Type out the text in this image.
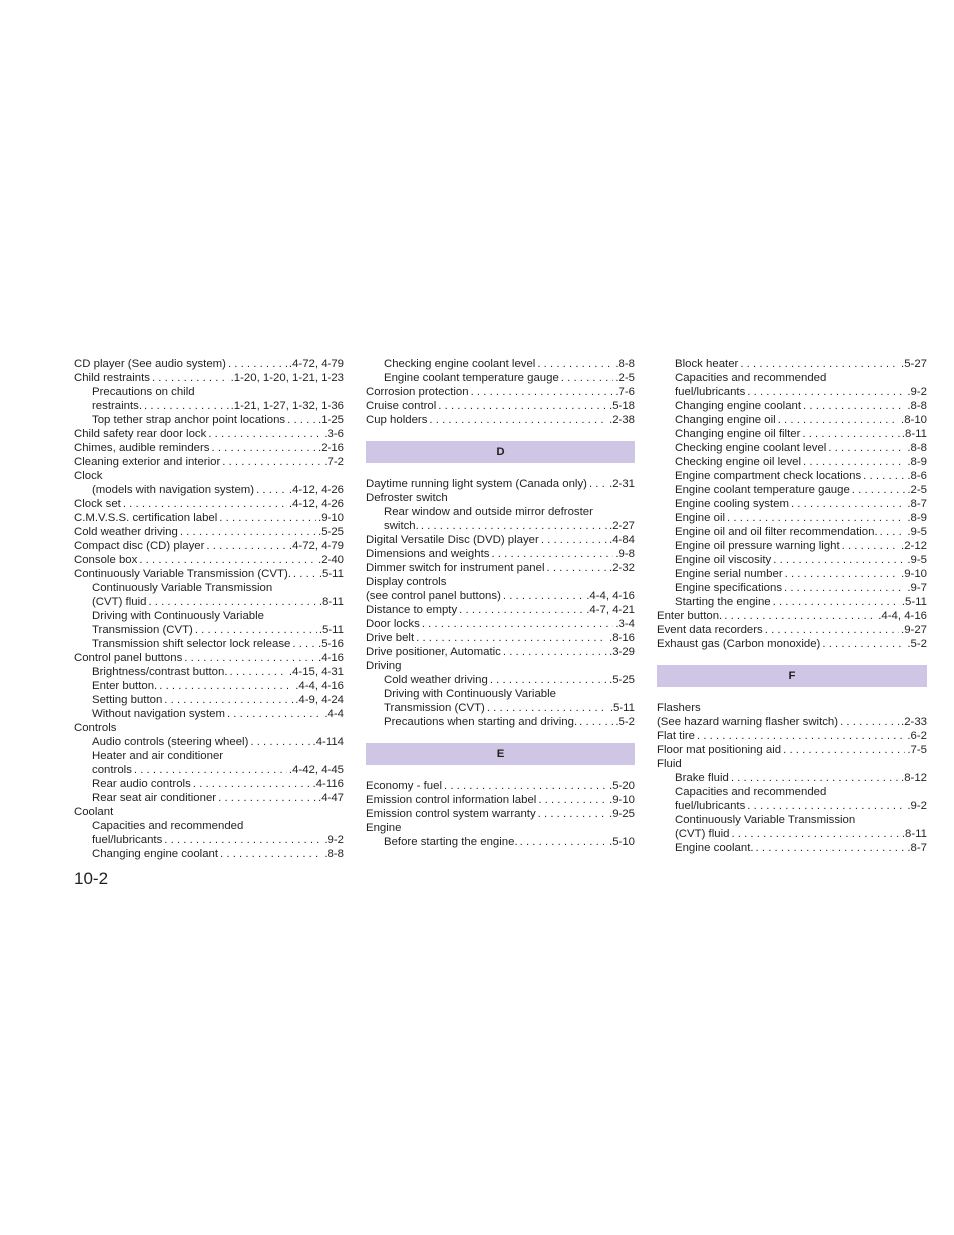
CD player (See audio system) . . .	.4-72, 4-79
Child restraints . . .	.1-20, 1-20, 1-21, 1-23
Precautions on child
restraints. . . .	.1-21, 1-27, 1-32, 1-36
Top tether strap anchor point locations . . .	.1-25
Child safety rear door lock . . .	.3-6
Chimes, audible reminders . . .	.2-16
Cleaning exterior and interior . . .	.7-2
Clock
(models with navigation system) . . .	.4-12, 4-26
Clock set . . .	.4-12, 4-26
C.M.V.S.S. certification label . . .	.9-10
Cold weather driving . . .	.5-25
Compact disc (CD) player . . .	.4-72, 4-79
Console box . . .	.2-40
Continuously Variable Transmission (CVT). . . . .5-11
Continuously Variable Transmission
(CVT) fluid . . .	.8-11
Driving with Continuously Variable
Transmission (CVT) . . .	.5-11
Transmission shift selector lock release . . . .5-16
Control panel buttons . . .	.4-16
Brightness/contrast button. . . .	.4-15, 4-31
Enter button. . . .	.4-4, 4-16
Setting button . . .	.4-9, 4-24
Without navigation system . . .	.4-4
Controls
Audio controls (steering wheel) . . .	.4-114
Heater and air conditioner
controls . . .	.4-42, 4-45
Rear audio controls . . .	.4-116
Rear seat air conditioner . . .	.4-47
Coolant
Capacities and recommended
fuel/lubricants . . .	.9-2
Changing engine coolant . . .	.8-8
Checking engine coolant level . . .	.8-8
Engine coolant temperature gauge . . .	.2-5
Corrosion protection . . .	.7-6
Cruise control . . .	.5-18
Cup holders . . .	.2-38
D
Daytime running light system (Canada only) . . . .2-31
Defroster switch
Rear window and outside mirror defroster
switch. . . .	.2-27
Digital Versatile Disc (DVD) player . . .	.4-84
Dimensions and weights . . .	.9-8
Dimmer switch for instrument panel . . .	.2-32
Display controls
(see control panel buttons) . . .	.4-4, 4-16
Distance to empty . . .	.4-7, 4-21
Door locks . . .	.3-4
Drive belt . . .	.8-16
Drive positioner, Automatic . . .	.3-29
Driving
Cold weather driving . . .	.5-25
Driving with Continuously Variable
Transmission (CVT) . . .	.5-11
Precautions when starting and driving. . . .	.5-2
E
Economy - fuel . . .	.5-20
Emission control information label . . .	.9-10
Emission control system warranty . . .	.9-25
Engine
Before starting the engine. . . .	.5-10
Block heater . . .	.5-27
Capacities and recommended
fuel/lubricants . . .	.9-2
Changing engine coolant . . .	.8-8
Changing engine oil . . .	.8-10
Changing engine oil filter . . .	.8-11
Checking engine coolant level . . .	.8-8
Checking engine oil level . . .	.8-9
Engine compartment check locations . . .	.8-6
Engine coolant temperature gauge . . .	.2-5
Engine cooling system . . .	.8-7
Engine oil . . .	.8-9
Engine oil and oil filter recommendation. . . .	.9-5
Engine oil pressure warning light . . .	.2-12
Engine oil viscosity . . .	.9-5
Engine serial number . . .	.9-10
Engine specifications . . .	.9-7
Starting the engine . . .	.5-11
Enter button. . . .	.4-4, 4-16
Event data recorders . . .	.9-27
Exhaust gas (Carbon monoxide) . . .	.5-2
F
Flashers
(See hazard warning flasher switch) . . .	.2-33
Flat tire . . .	.6-2
Floor mat positioning aid . . .	.7-5
Fluid
Brake fluid . . .	.8-12
Capacities and recommended
fuel/lubricants . . .	.9-2
Continuously Variable Transmission
(CVT) fluid . . .	.8-11
Engine coolant. . . .	.8-7
10-2
